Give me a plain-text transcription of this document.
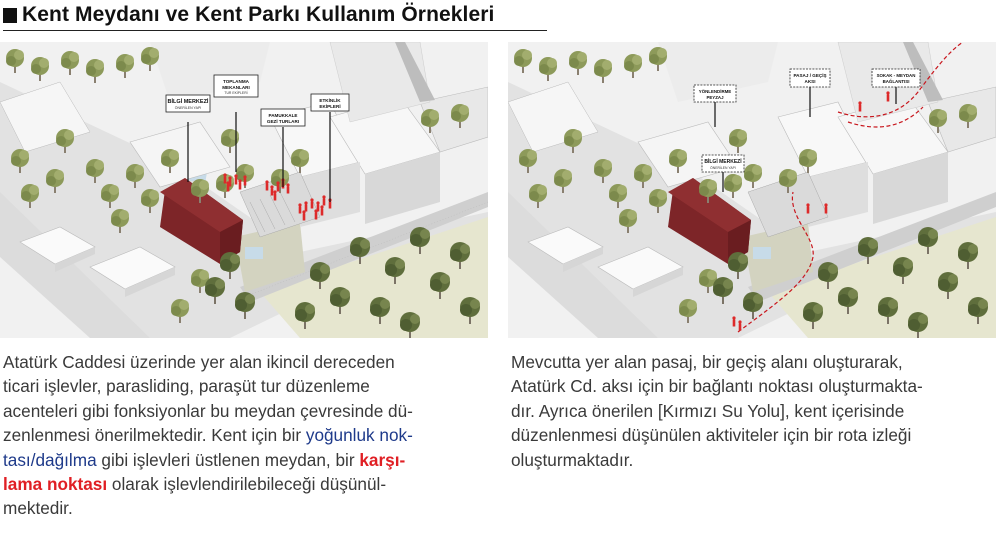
Kent Meydanı ve Kent Parkı Kullanım Örnekleri
BİLGİ MERKEZİ
ÖNERİLEN YAPI
TOPLANMA
MEKANLARI
TUR EKİPLERİ
PAMUKKALE
GEZİ TURLARI
ETKİNLİK
EKİPLERİ
YÖNLENDİRME
PEYZAJ
PASAJ / GEÇİŞ
AKSI
SOKAK - MEYDAN
BAĞLANTISI
BİLGİ MERKEZİ
ÖNERİLEN YAPI
Atatürk Caddesi üzerinde yer alan ikincil dereceden
ticari işlevler, parasliding, paraşüt tur düzenleme
acenteleri gibi fonksiyonlar bu meydan çevresinde dü-
zenlenmesi önerilmektedir. Kent için bir yoğunluk nok-
tası/dağılma gibi işlevleri üstlenen meydan, bir karşı-
lama noktası olarak işlevlendirilebileceği düşünül-
mektedir.
Mevcutta yer alan pasaj, bir geçiş alanı oluşturarak,
Atatürk Cd. aksı için bir bağlantı noktası oluşturmakta-
dır. Ayrıca önerilen [Kırmızı Su Yolu], kent içerisinde
düzenlenmesi düşünülen aktiviteler için bir rota izleği
oluşturmaktadır.
